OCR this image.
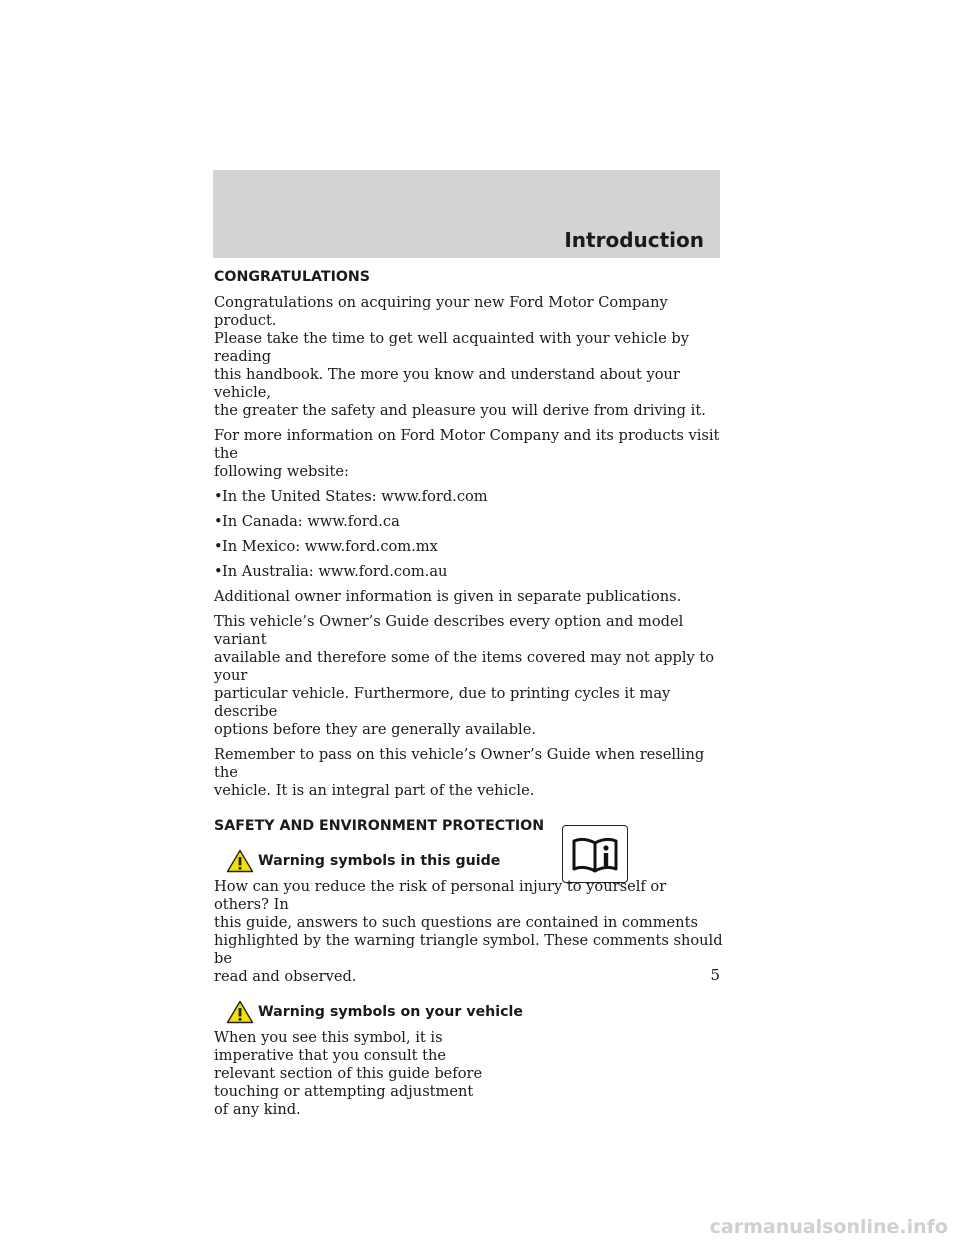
Introduction
CONGRATULATIONS

Congratulations on acquiring your new Ford Motor Company product.
Please take the time to get well acquainted with your vehicle by reading
this handbook. The more you know and understand about your vehicle,
the greater the safety and pleasure you will derive from driving it.

For more information on Ford Motor Company and its products visit the
following website:

•In the United States: www.ford.com
•In Canada: www.ford.ca
•In Mexico: www.ford.com.mx
•In Australia: www.ford.com.au

Additional owner information is given in separate publications.

This vehicle’s Owner’s Guide describes every option and model variant
available and therefore some of the items covered may not apply to your
particular vehicle. Furthermore, due to printing cycles it may describe
options before they are generally available.

Remember to pass on this vehicle’s Owner’s Guide when reselling the
vehicle. It is an integral part of the vehicle.

SAFETY AND ENVIRONMENT PROTECTION
Warning symbols in this guide

How can you reduce the risk of personal injury to yourself or others? In
this guide, answers to such questions are contained in comments
highlighted by the warning triangle symbol. These comments should be
read and observed.

Warning symbols on your vehicle

When you see this symbol, it is
imperative that you consult the
relevant section of this guide before
touching or attempting adjustment
of any kind.

5

carmanualsonline.info
